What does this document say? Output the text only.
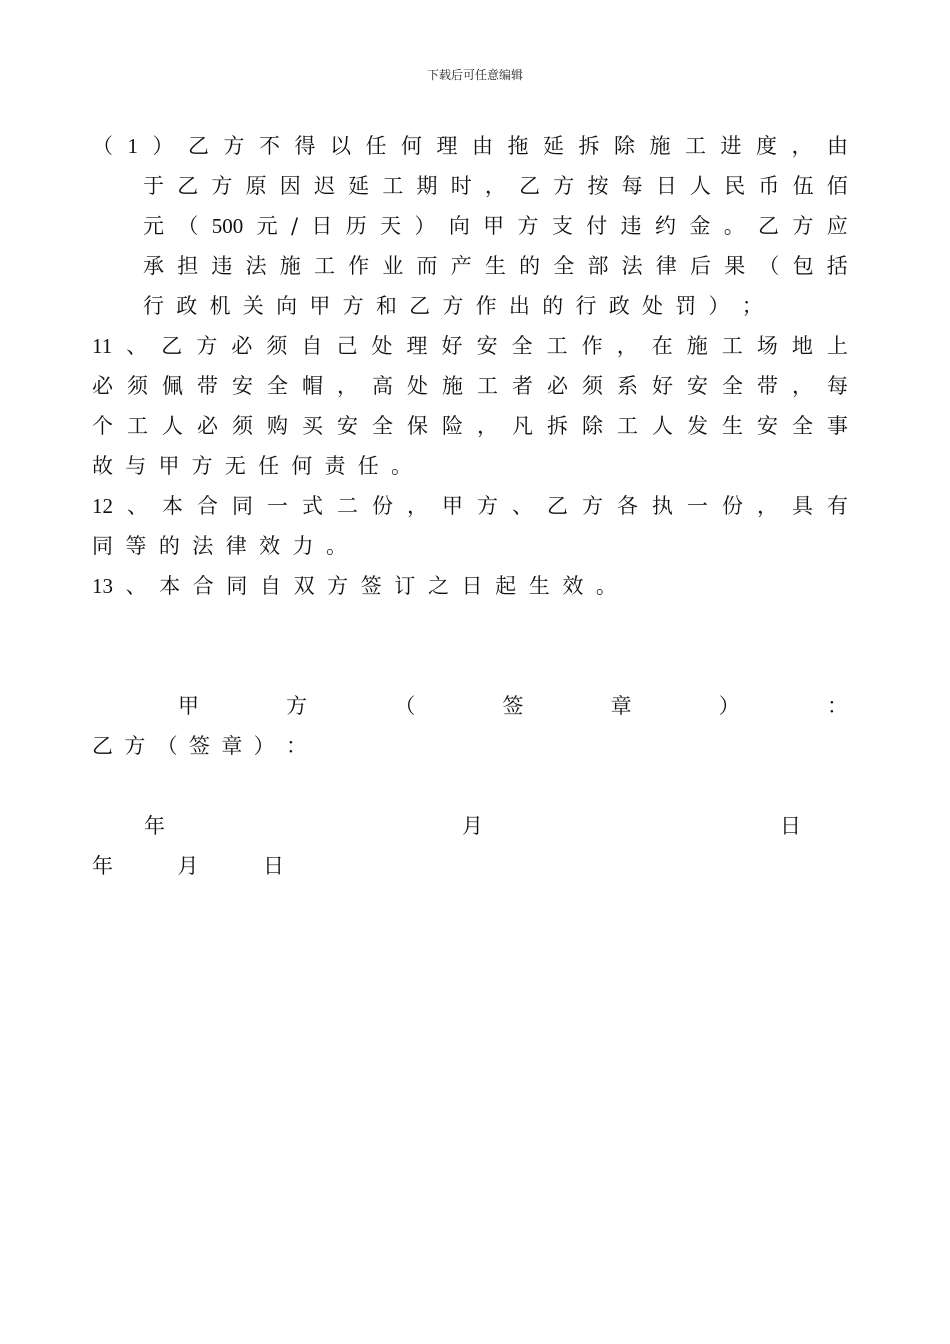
下载后可任意编辑
（ 1 ） 乙 方 不 得 以 任 何 理 由 拖 延 拆 除 施 工 进 度 ， 由
于 乙 方 原 因 迟 延 工 期 时 ， 乙 方 按 每 日 人 民 币 伍 佰
元 （ 500 元 / 日 历 天 ） 向 甲 方 支 付 违 约 金 。 乙 方 应
承 担 违 法 施 工 作 业 而 产 生 的 全 部 法 律 后 果 （ 包 括
行 政 机 关 向 甲 方 和 乙 方 作 出 的 行 政 处 罚 ） ；
11 、 乙 方 必 须 自 己 处 理 好 安 全 工 作 ， 在 施 工 场 地 上
必 须 佩 带 安 全 帽 ， 高 处 施 工 者 必 须 系 好 安 全 带 ， 每
个 工 人 必 须 购 买 安 全 保 险 ， 凡 拆 除 工 人 发 生 安 全 事
故 与 甲 方 无 任 何 责 任 。
12 、 本 合 同 一 式 二 份 ， 甲 方 、 乙 方 各 执 一 份 ， 具 有
同 等 的 法 律 效 力 。
13 、 本 合 同 自 双 方 签 订 之 日 起 生 效 。
甲	方	（	签	章	）	：
乙 方 （ 签 章 ） ：
年	月	日
年	月	日
